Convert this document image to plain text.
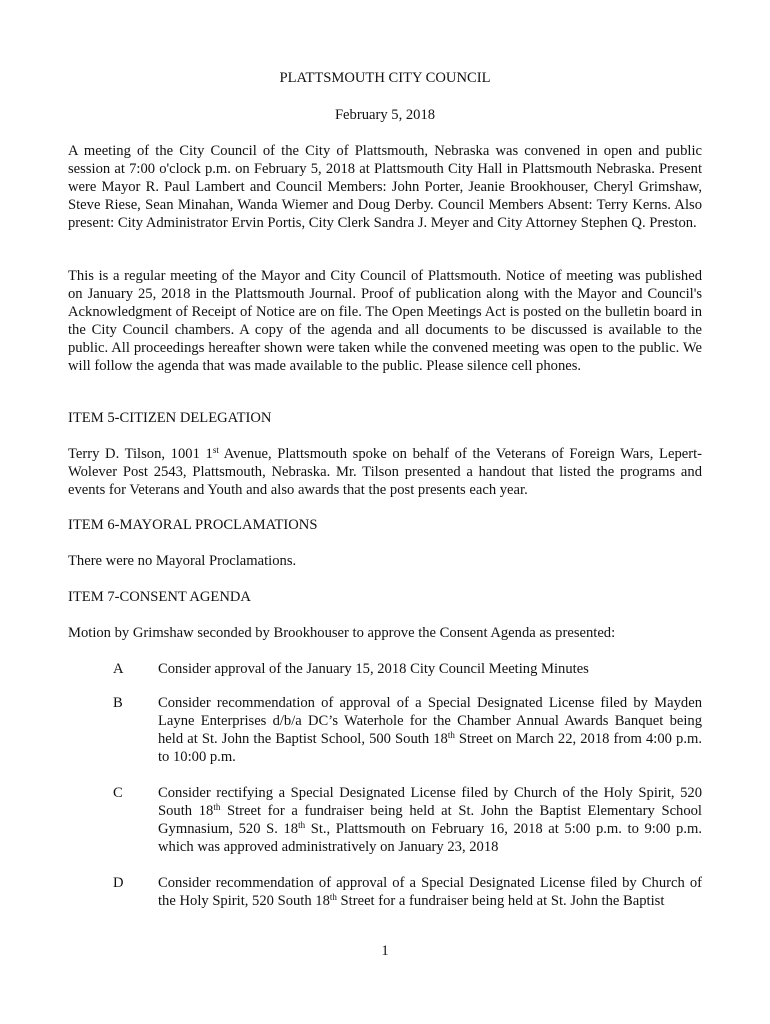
PLATTSMOUTH CITY COUNCIL
February 5, 2018

A meeting of the City Council of the City of Plattsmouth, Nebraska was convened in open and public session at 7:00 o'clock p.m. on February 5, 2018 at Plattsmouth City Hall in Plattsmouth Nebraska. Present were Mayor R. Paul Lambert and Council Members: John Porter, Jeanie Brookhouser, Cheryl Grimshaw, Steve Riese, Sean Minahan, Wanda Wiemer and Doug Derby. Council Members Absent: Terry Kerns. Also present: City Administrator Ervin Portis, City Clerk Sandra J. Meyer and City Attorney Stephen Q. Preston.

This is a regular meeting of the Mayor and City Council of Plattsmouth. Notice of meeting was published on January 25, 2018 in the Plattsmouth Journal. Proof of publication along with the Mayor and Council's Acknowledgment of Receipt of Notice are on file. The Open Meetings Act is posted on the bulletin board in the City Council chambers. A copy of the agenda and all documents to be discussed is available to the public. All proceedings hereafter shown were taken while the convened meeting was open to the public. We will follow the agenda that was made available to the public. Please silence cell phones.

ITEM 5-CITIZEN DELEGATION

Terry D. Tilson, 1001 1st Avenue, Plattsmouth spoke on behalf of the Veterans of Foreign Wars, Lepert-Wolever Post 2543, Plattsmouth, Nebraska. Mr. Tilson presented a handout that listed the programs and events for Veterans and Youth and also awards that the post presents each year.

ITEM 6-MAYORAL PROCLAMATIONS
There were no Mayoral Proclamations.
ITEM 7-CONSENT AGENDA
Motion by Grimshaw seconded by Brookhouser to approve the Consent Agenda as presented:
A Consider approval of the January 15, 2018 City Council Meeting Minutes
B Consider recommendation of approval of a Special Designated License filed by Mayden Layne Enterprises d/b/a DC’s Waterhole for the Chamber Annual Awards Banquet being held at St. John the Baptist School, 500 South 18th Street on March 22, 2018 from 4:00 p.m. to 10:00 p.m.
C Consider rectifying a Special Designated License filed by Church of the Holy Spirit, 520 South 18th Street for a fundraiser being held at St. John the Baptist Elementary School Gymnasium, 520 S. 18th St., Plattsmouth on February 16, 2018 at 5:00 p.m. to 9:00 p.m. which was approved administratively on January 23, 2018
D Consider recommendation of approval of a Special Designated License filed by Church of the Holy Spirit, 520 South 18th Street for a fundraiser being held at St. John the Baptist
1
